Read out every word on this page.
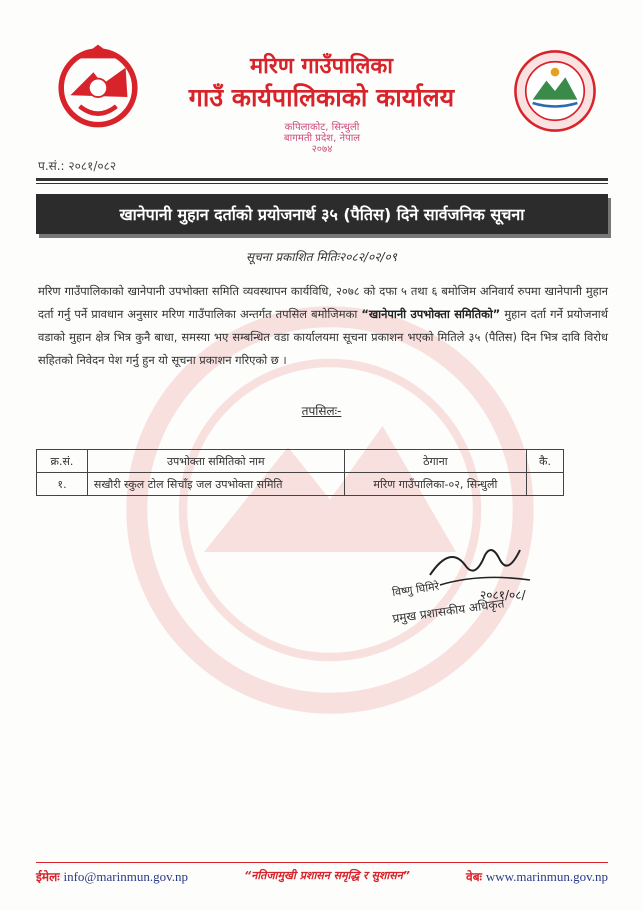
मरिण गाउँपालिका
गाउँ कार्यपालिकाको कार्यालय
कपिलाकोट, सिन्धुली
बागमती प्रदेश, नेपाल
२०७४
प.सं.: २०८१/०८२
खानेपानी मुहान दर्ताको प्रयोजनार्थ ३५ (पैतिस) दिने सार्वजनिक सूचना
सूचना प्रकाशित मितिः२०८२/०२/०९
मरिण गाउँपालिकाको खानेपानी उपभोक्ता समिति व्यवस्थापन कार्यविधि, २०७८ को दफा ५ तथा ६ बमोजिम अनिवार्य रुपमा खानेपानी मुहान दर्ता गर्नु पर्ने प्रावधान अनुसार मरिण गाउँपालिका अन्तर्गत तपसिल बमोजिमका “खानेपानी उपभोक्ता समितिको” मुहान दर्ता गर्ने प्रयोजनार्थ वडाको मुहान क्षेत्र भित्र कुनै बाधा, समस्या भए सम्बन्धित वडा कार्यालयमा सूचना प्रकाशन भएको मितिले ३५ (पैतिस) दिन भित्र दावि विरोध सहितको निवेदन पेश गर्नु हुन यो सूचना प्रकाशन गरिएको छ ।
तपसिलः-
क्र.सं.	उपभोक्ता समितिको नाम	ठेगाना	कै.
१.	सखौरी स्कुल टोल सिचाँइ जल उपभोक्ता समिति	मरिण गाउँपालिका-०२, सिन्धुली	
२०८१/०८/
विष्णु घिमिरे
प्रमुख प्रशासकीय अधिकृत
ईमेलः info@marinmun.gov.np	“नतिजामुखी प्रशासन समृद्धि र सुशासन”	वेबः www.marinmun.gov.np
